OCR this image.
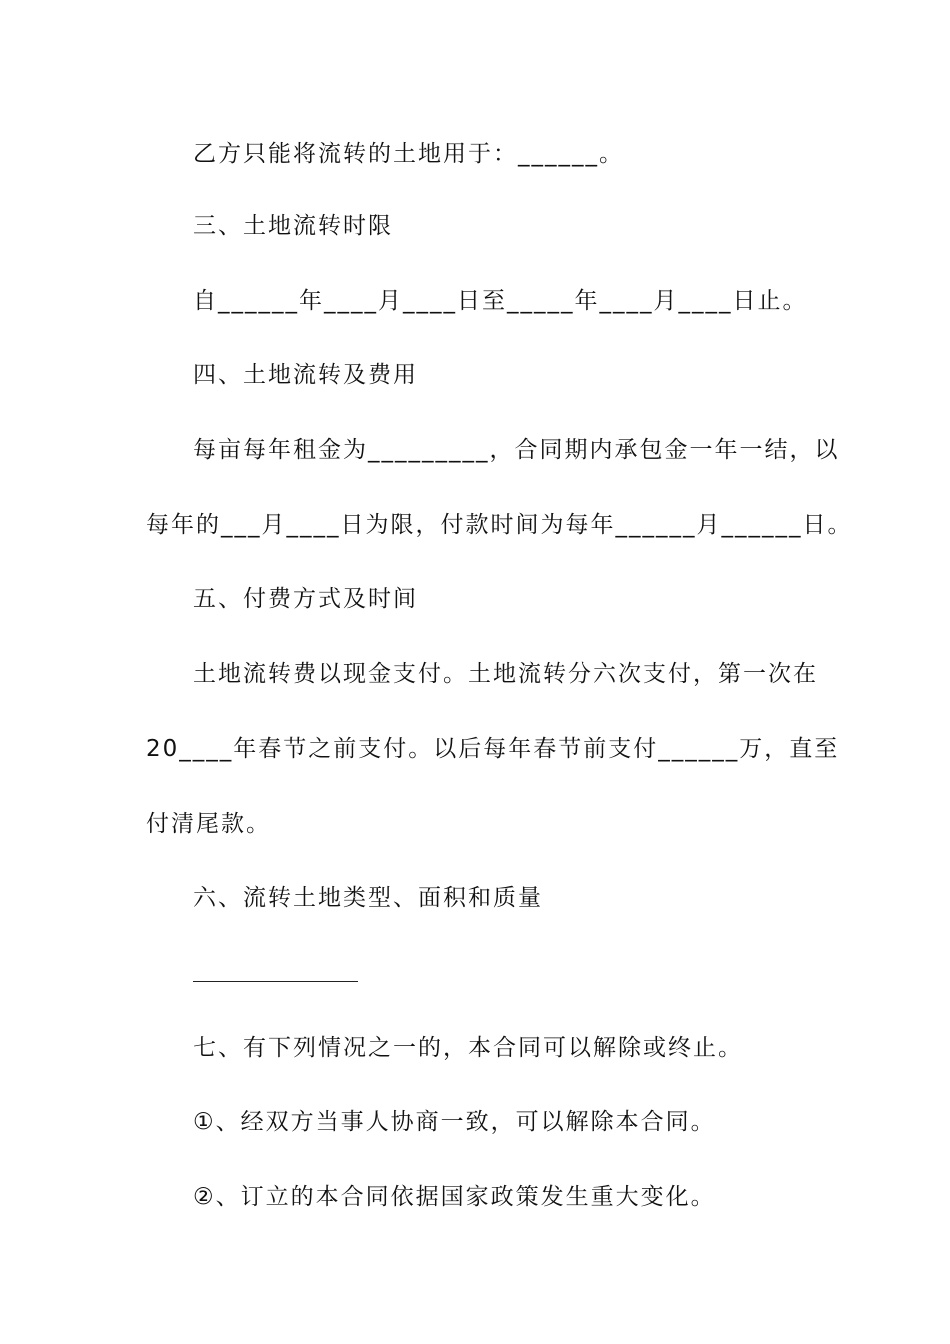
乙方只能将流转的土地用于：______。
三、土地流转时限
自______年____月____日至_____年____月____日止。
四、土地流转及费用
每亩每年租金为_________，合同期内承包金一年一结，以
每年的___月____日为限，付款时间为每年______月______日。
五、付费方式及时间
土地流转费以现金支付。土地流转分六次支付，第一次在
20____年春节之前支付。以后每年春节前支付______万，直至
付清尾款。
六、流转土地类型、面积和质量
七、有下列情况之一的，本合同可以解除或终止。
①、经双方当事人协商一致，可以解除本合同。
②、订立的本合同依据国家政策发生重大变化。
